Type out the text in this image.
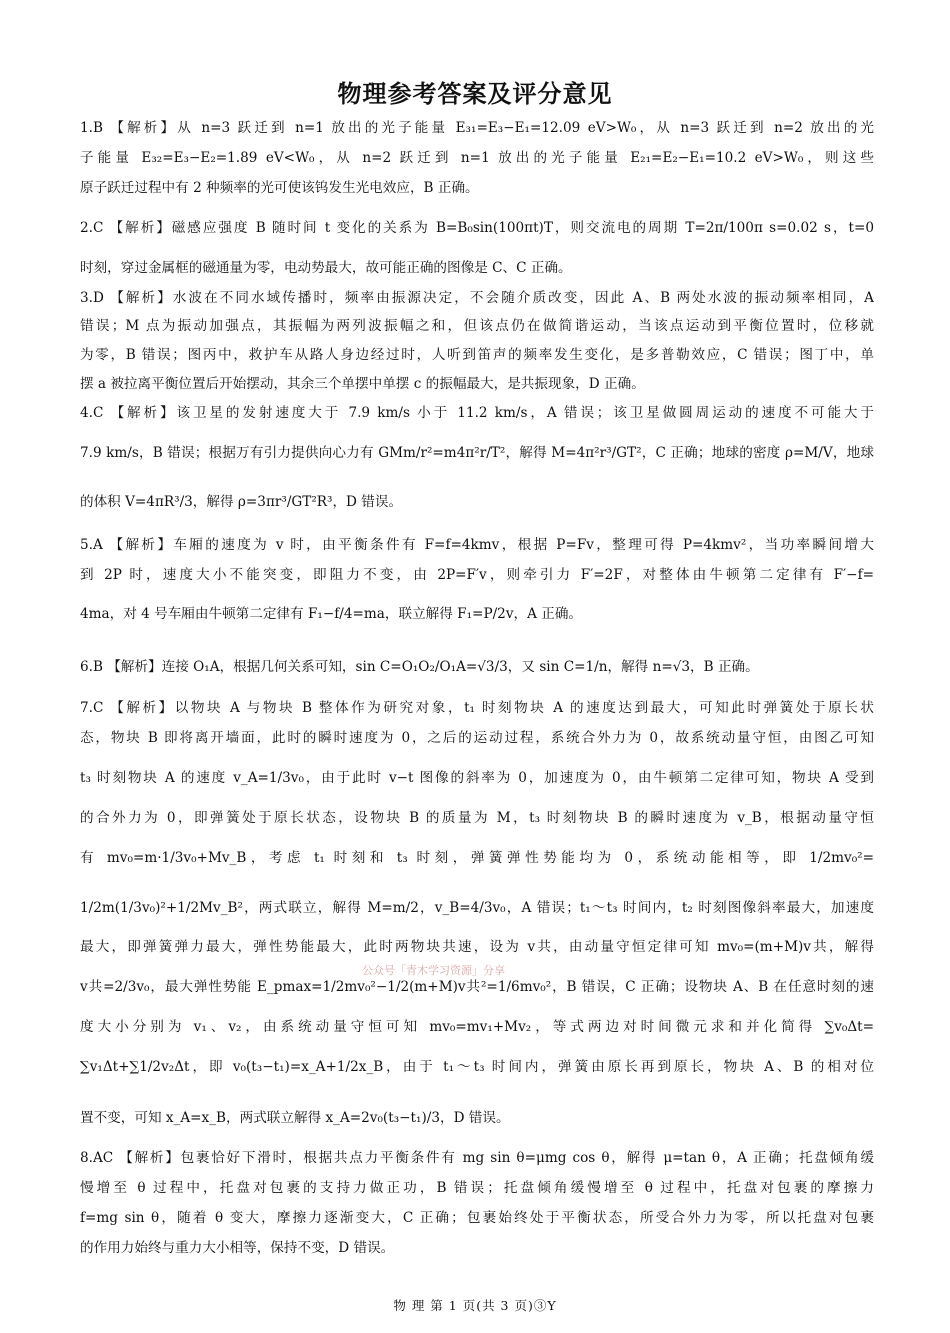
物理参考答案及评分意见
1.B 【解析】从 n=3 跃迁到 n=1 放出的光子能量 E₃₁=E₃−E₁=12.09 eV>W₀，从 n=3 跃迁到 n=2 放出的光
子能量 E₃₂=E₃−E₂=1.89 eV<W₀，从 n=2 跃迁到 n=1 放出的光子能量 E₂₁=E₂−E₁=10.2 eV>W₀，则这些
原子跃迁过程中有 2 种频率的光可使该钨发生光电效应，B 正确。
2.C 【解析】磁感应强度 B 随时间 t 变化的关系为 B=B₀sin(100πt)T，则交流电的周期 T=2π/100π s=0.02 s，t=0
时刻，穿过金属框的磁通量为零，电动势最大，故可能正确的图像是 C、C 正确。
3.D 【解析】水波在不同水域传播时，频率由振源决定，不会随介质改变，因此 A、B 两处水波的振动频率相同，A
错误；M 点为振动加强点，其振幅为两列波振幅之和，但该点仍在做简谐运动，当该点运动到平衡位置时，位移就
为零，B 错误；图丙中，救护车从路人身边经过时，人听到笛声的频率发生变化，是多普勒效应，C 错误；图丁中，单
摆 a 被拉离平衡位置后开始摆动，其余三个单摆中单摆 c 的振幅最大，是共振现象，D 正确。
4.C 【解析】该卫星的发射速度大于 7.9 km/s 小于 11.2 km/s，A 错误；该卫星做圆周运动的速度不可能大于
7.9 km/s，B 错误；根据万有引力提供向心力有 GMm/r²=m4π²r/T²，解得 M=4π²r³/GT²，C 正确；地球的密度 ρ=M/V，地球
的体积 V=4πR³/3，解得 ρ=3πr³/GT²R³，D 错误。
5.A 【解析】车厢的速度为 v 时，由平衡条件有 F=f=4kmv，根据 P=Fv，整理可得 P=4kmv²，当功率瞬间增大
到 2P 时，速度大小不能突变，即阻力不变，由 2P=F′v，则牵引力 F′=2F，对整体由牛顿第二定律有 F′−f=
4ma，对 4 号车厢由牛顿第二定律有 F₁−f/4=ma，联立解得 F₁=P/2v，A 正确。
6.B 【解析】连接 O₁A，根据几何关系可知，sin C=O₁O₂/O₁A=√3/3，又 sin C=1/n，解得 n=√3，B 正确。
7.C 【解析】以物块 A 与物块 B 整体作为研究对象，t₁ 时刻物块 A 的速度达到最大，可知此时弹簧处于原长状
态，物块 B 即将离开墙面，此时的瞬时速度为 0，之后的运动过程，系统合外力为 0，故系统动量守恒，由图乙可知
t₃ 时刻物块 A 的速度 v_A=1/3v₀，由于此时 v−t 图像的斜率为 0，加速度为 0，由牛顿第二定律可知，物块 A 受到
的合外力为 0，即弹簧处于原长状态，设物块 B 的质量为 M，t₃ 时刻物块 B 的瞬时速度为 v_B，根据动量守恒
有 mv₀=m·1/3v₀+Mv_B，考虑 t₁ 时刻和 t₃ 时刻，弹簧弹性势能均为 0，系统动能相等，即 1/2mv₀²=
1/2m(1/3v₀)²+1/2Mv_B²，两式联立，解得 M=m/2，v_B=4/3v₀，A 错误；t₁～t₃ 时间内，t₂ 时刻图像斜率最大，加速度
最大，即弹簧弹力最大，弹性势能最大，此时两物块共速，设为 v共，由动量守恒定律可知 mv₀=(m+M)v共，解得
v共=2/3v₀，最大弹性势能 E_pmax=1/2mv₀²−1/2(m+M)v共²=1/6mv₀²，B 错误，C 正确；设物块 A、B 在任意时刻的速
度大小分别为 v₁、v₂，由系统动量守恒可知 mv₀=mv₁+Mv₂，等式两边对时间微元求和并化简得 ∑v₀Δt=
∑v₁Δt+∑1/2v₂Δt，即 v₀(t₃−t₁)=x_A+1/2x_B，由于 t₁～t₃ 时间内，弹簧由原长再到原长，物块 A、B 的相对位
置不变，可知 x_A=x_B，两式联立解得 x_A=2v₀(t₃−t₁)/3，D 错误。
8.AC 【解析】包裹恰好下滑时，根据共点力平衡条件有 mg sin θ=μmg cos θ，解得 μ=tan θ，A 正确；托盘倾角缓
慢增至 θ 过程中，托盘对包裹的支持力做正功，B 错误；托盘倾角缓慢增至 θ 过程中，托盘对包裹的摩擦力
f=mg sin θ，随着 θ 变大，摩擦力逐渐变大，C 正确；包裹始终处于平衡状态，所受合外力为零，所以托盘对包裹
的作用力始终与重力大小相等，保持不变，D 错误。
公众号「青木学习资源」分享
物 理 第 1 页(共 3 页)③Y
